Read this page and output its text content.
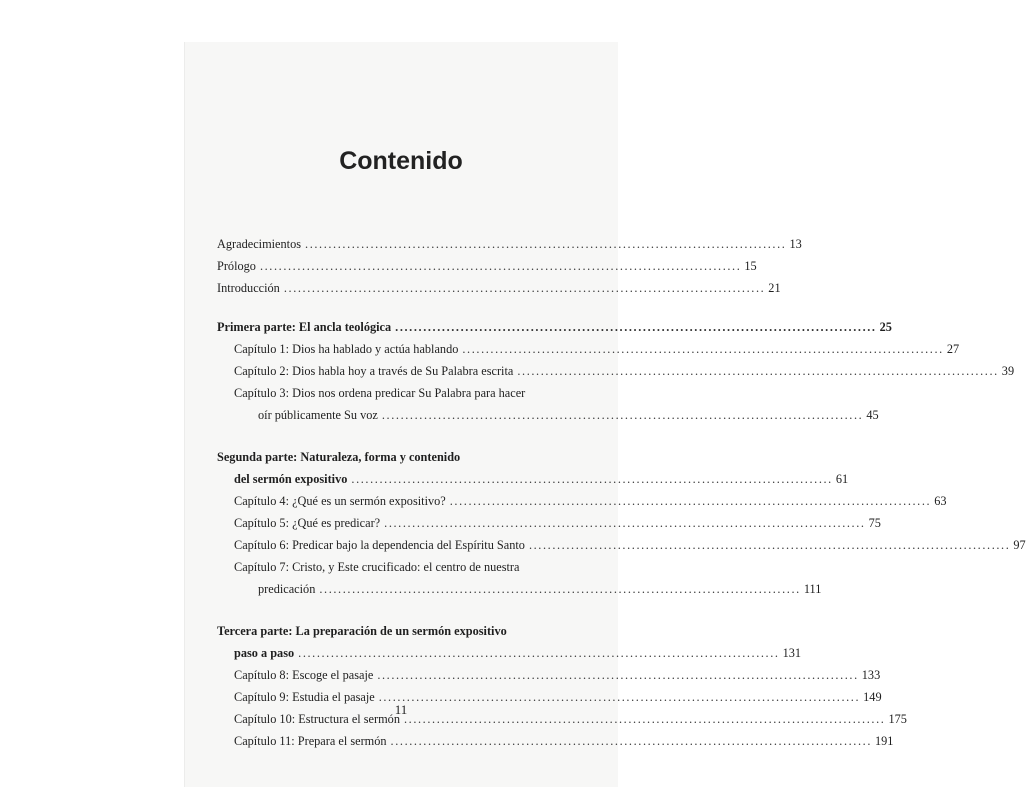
Contenido
Agradecimientos ....................................................................................................... 13
Prólogo ....................................................................................................... 15
Introducción ....................................................................................................... 21
Primera parte: El ancla teológica ....................................................................................................... 25
Capítulo 1: Dios ha hablado y actúa hablando ....................................................................................................... 27
Capítulo 2: Dios habla hoy a través de Su Palabra escrita ....................................................................................................... 39
Capítulo 3: Dios nos ordena predicar Su Palabra para hacer
oír públicamente Su voz ....................................................................................................... 45
Segunda parte: Naturaleza, forma y contenido
del sermón expositivo ....................................................................................................... 61
Capítulo 4: ¿Qué es un sermón expositivo? ....................................................................................................... 63
Capítulo 5: ¿Qué es predicar? ....................................................................................................... 75
Capítulo 6: Predicar bajo la dependencia del Espíritu Santo ....................................................................................................... 97
Capítulo 7: Cristo, y Este crucificado: el centro de nuestra
predicación ....................................................................................................... 111
Tercera parte: La preparación de un sermón expositivo
paso a paso ....................................................................................................... 131
Capítulo 8: Escoge el pasaje ....................................................................................................... 133
Capítulo 9: Estudia el pasaje ....................................................................................................... 149
Capítulo 10: Estructura el sermón ....................................................................................................... 175
Capítulo 11: Prepara el sermón ....................................................................................................... 191
11
